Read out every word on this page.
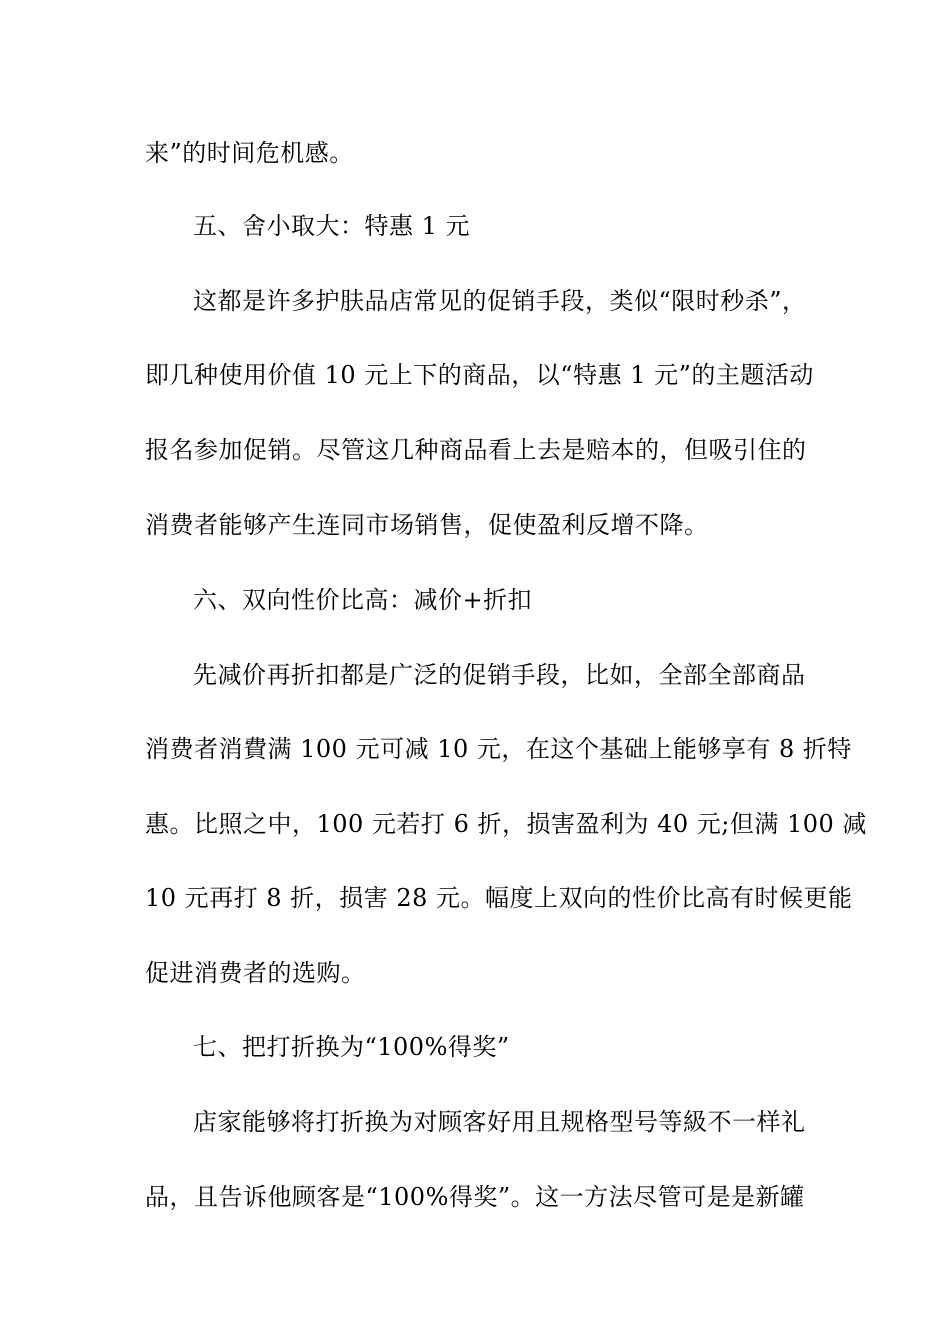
来”的时间危机感。
五、舍小取大：特惠 1 元
这都是许多护肤品店常见的促销手段，类似“限时秒杀”，
即几种使用价值 10 元上下的商品，以“特惠 1 元”的主题活动
报名参加促销。尽管这几种商品看上去是赔本的，但吸引住的
消费者能够产生连同市场销售，促使盈利反增不降。
六、双向性价比高：减价+折扣
先减价再折扣都是广泛的促销手段，比如，全部全部商品
消费者消費满 100 元可减 10 元，在这个基础上能够享有 8 折特
惠。比照之中，100 元若打 6 折，损害盈利为 40 元;但满 100 减
10 元再打 8 折，损害 28 元。幅度上双向的性价比高有时候更能
促进消费者的选购。
七、把打折换为“100%得奖”
店家能够将打折换为对顾客好用且规格型号等級不一样礼
品，且告诉他顾客是“100%得奖”。这一方法尽管可是是新罐
